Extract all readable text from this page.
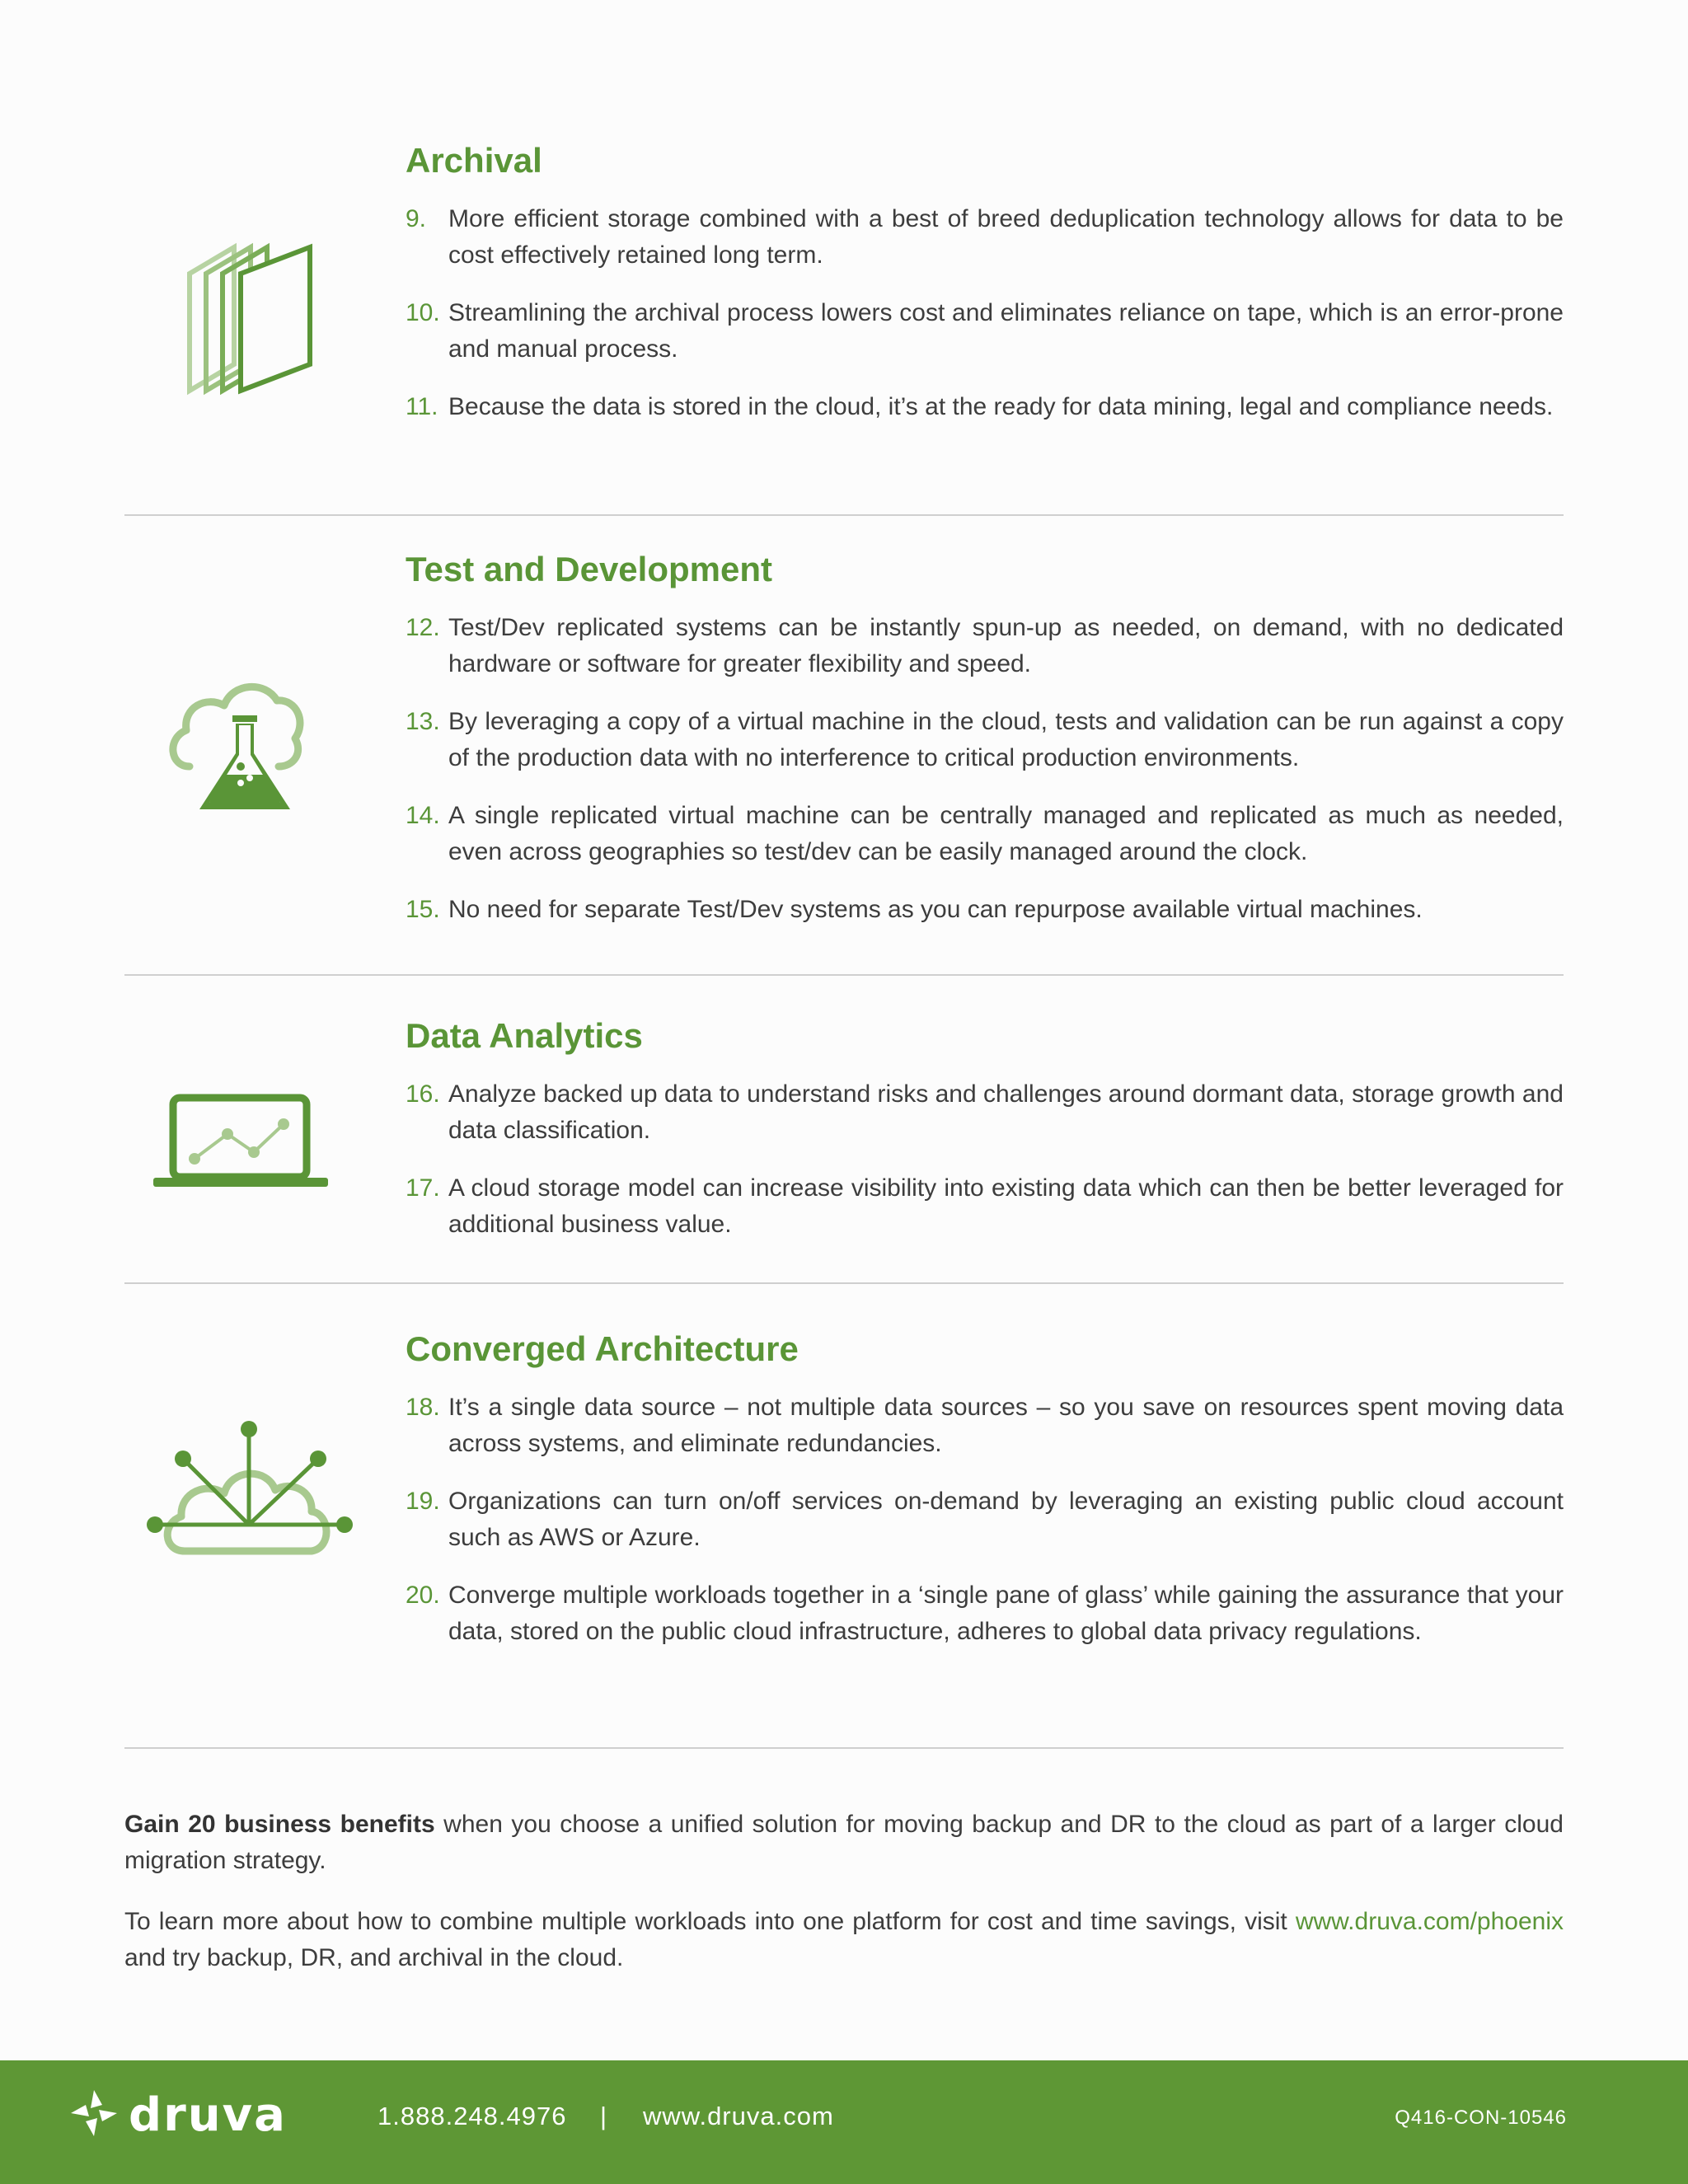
Archival
9. More efficient storage combined with a best of breed deduplication technology allows for data to be cost effectively retained long term.
10. Streamlining the archival process lowers cost and eliminates reliance on tape, which is an error-prone and manual process.
11. Because the data is stored in the cloud, it’s at the ready for data mining, legal and compliance needs.
Test and Development
12. Test/Dev replicated systems can be instantly spun-up as needed, on demand, with no dedicated hardware or software for greater flexibility and speed.
13. By leveraging a copy of a virtual machine in the cloud, tests and validation can be run against a copy of the production data with no interference to critical production environments.
14. A single replicated virtual machine can be centrally managed and replicated as much as needed, even across geographies so test/dev can be easily managed around the clock.
15. No need for separate Test/Dev systems as you can repurpose available virtual machines.
Data Analytics
16. Analyze backed up data to understand risks and challenges around dormant data, storage growth and data classification.
17. A cloud storage model can increase visibility into existing data which can then be better leveraged for additional business value.
Converged Architecture
18. It’s a single data source – not multiple data sources – so you save on resources spent moving data across systems, and eliminate redundancies.
19. Organizations can turn on/off services on-demand by leveraging an existing public cloud account such as AWS or Azure.
20. Converge multiple workloads together in a ‘single pane of glass’ while gaining the assurance that your data, stored on the public cloud infrastructure, adheres to global data privacy regulations.

Gain 20 business benefits when you choose a unified solution for moving backup and DR to the cloud as part of a larger cloud migration strategy.

To learn more about how to combine multiple workloads into one platform for cost and time savings, visit www.druva.com/phoenix and try backup, DR, and archival in the cloud.

druva	1.888.248.4976 | www.druva.com	Q416-CON-10546
